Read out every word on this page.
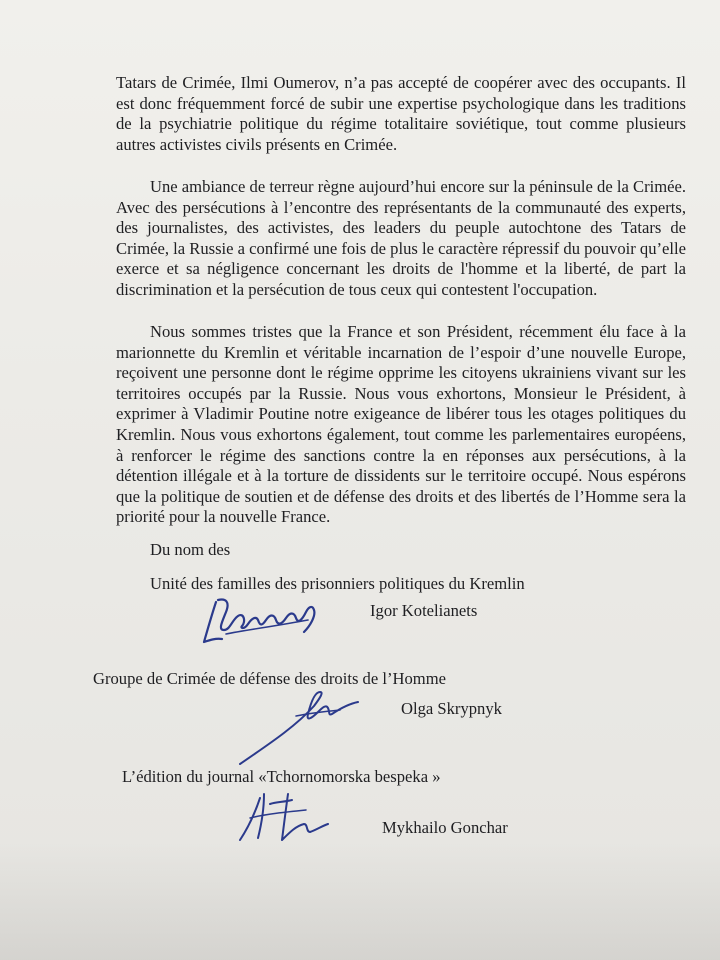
Tatars de Crimée, Ilmi Oumerov, n’a pas accepté de coopérer avec des occupants. Il est donc fréquemment forcé de subir une expertise psychologique dans les traditions de la psychiatrie politique du régime totalitaire soviétique, tout comme plusieurs autres activistes civils présents en Crimée.

Une ambiance de terreur règne aujourd’hui encore sur la péninsule de la Crimée. Avec des persécutions à l’encontre des représentants de la communauté des experts, des journalistes, des activistes, des leaders du peuple autochtone des Tatars de Crimée, la Russie a confirmé une fois de plus le caractère répressif du pouvoir qu’elle exerce et sa négligence concernant les droits de l'homme et la liberté, de part la discrimination et la persécution de tous ceux qui contestent l'occupation.

Nous sommes tristes que la France et son Président, récemment élu face à la marionnette du Kremlin et véritable incarnation de l’espoir d’une nouvelle Europe, reçoivent une personne dont le régime opprime les citoyens ukrainiens vivant sur les territoires occupés par la Russie. Nous vous exhortons, Monsieur le Président, à exprimer à Vladimir Poutine notre exigeance de libérer tous les otages politiques du Kremlin. Nous vous exhortons également, tout comme les parlementaires européens, à renforcer le régime des sanctions contre la en réponses aux persécutions, à la détention illégale et à la torture de dissidents sur le territoire occupé. Nous espérons que la politique de soutien et de défense des droits et des libertés de l’Homme sera la priorité pour la nouvelle France.

Du nom des

Unité des familles des prisonniers politiques du Kremlin

Igor Kotelianets

Groupe de Crimée de défense des droits de l’Homme

Olga Skrypnyk

L’édition du journal «Tchornomorska bespeka »

Mykhailo Gonchar
